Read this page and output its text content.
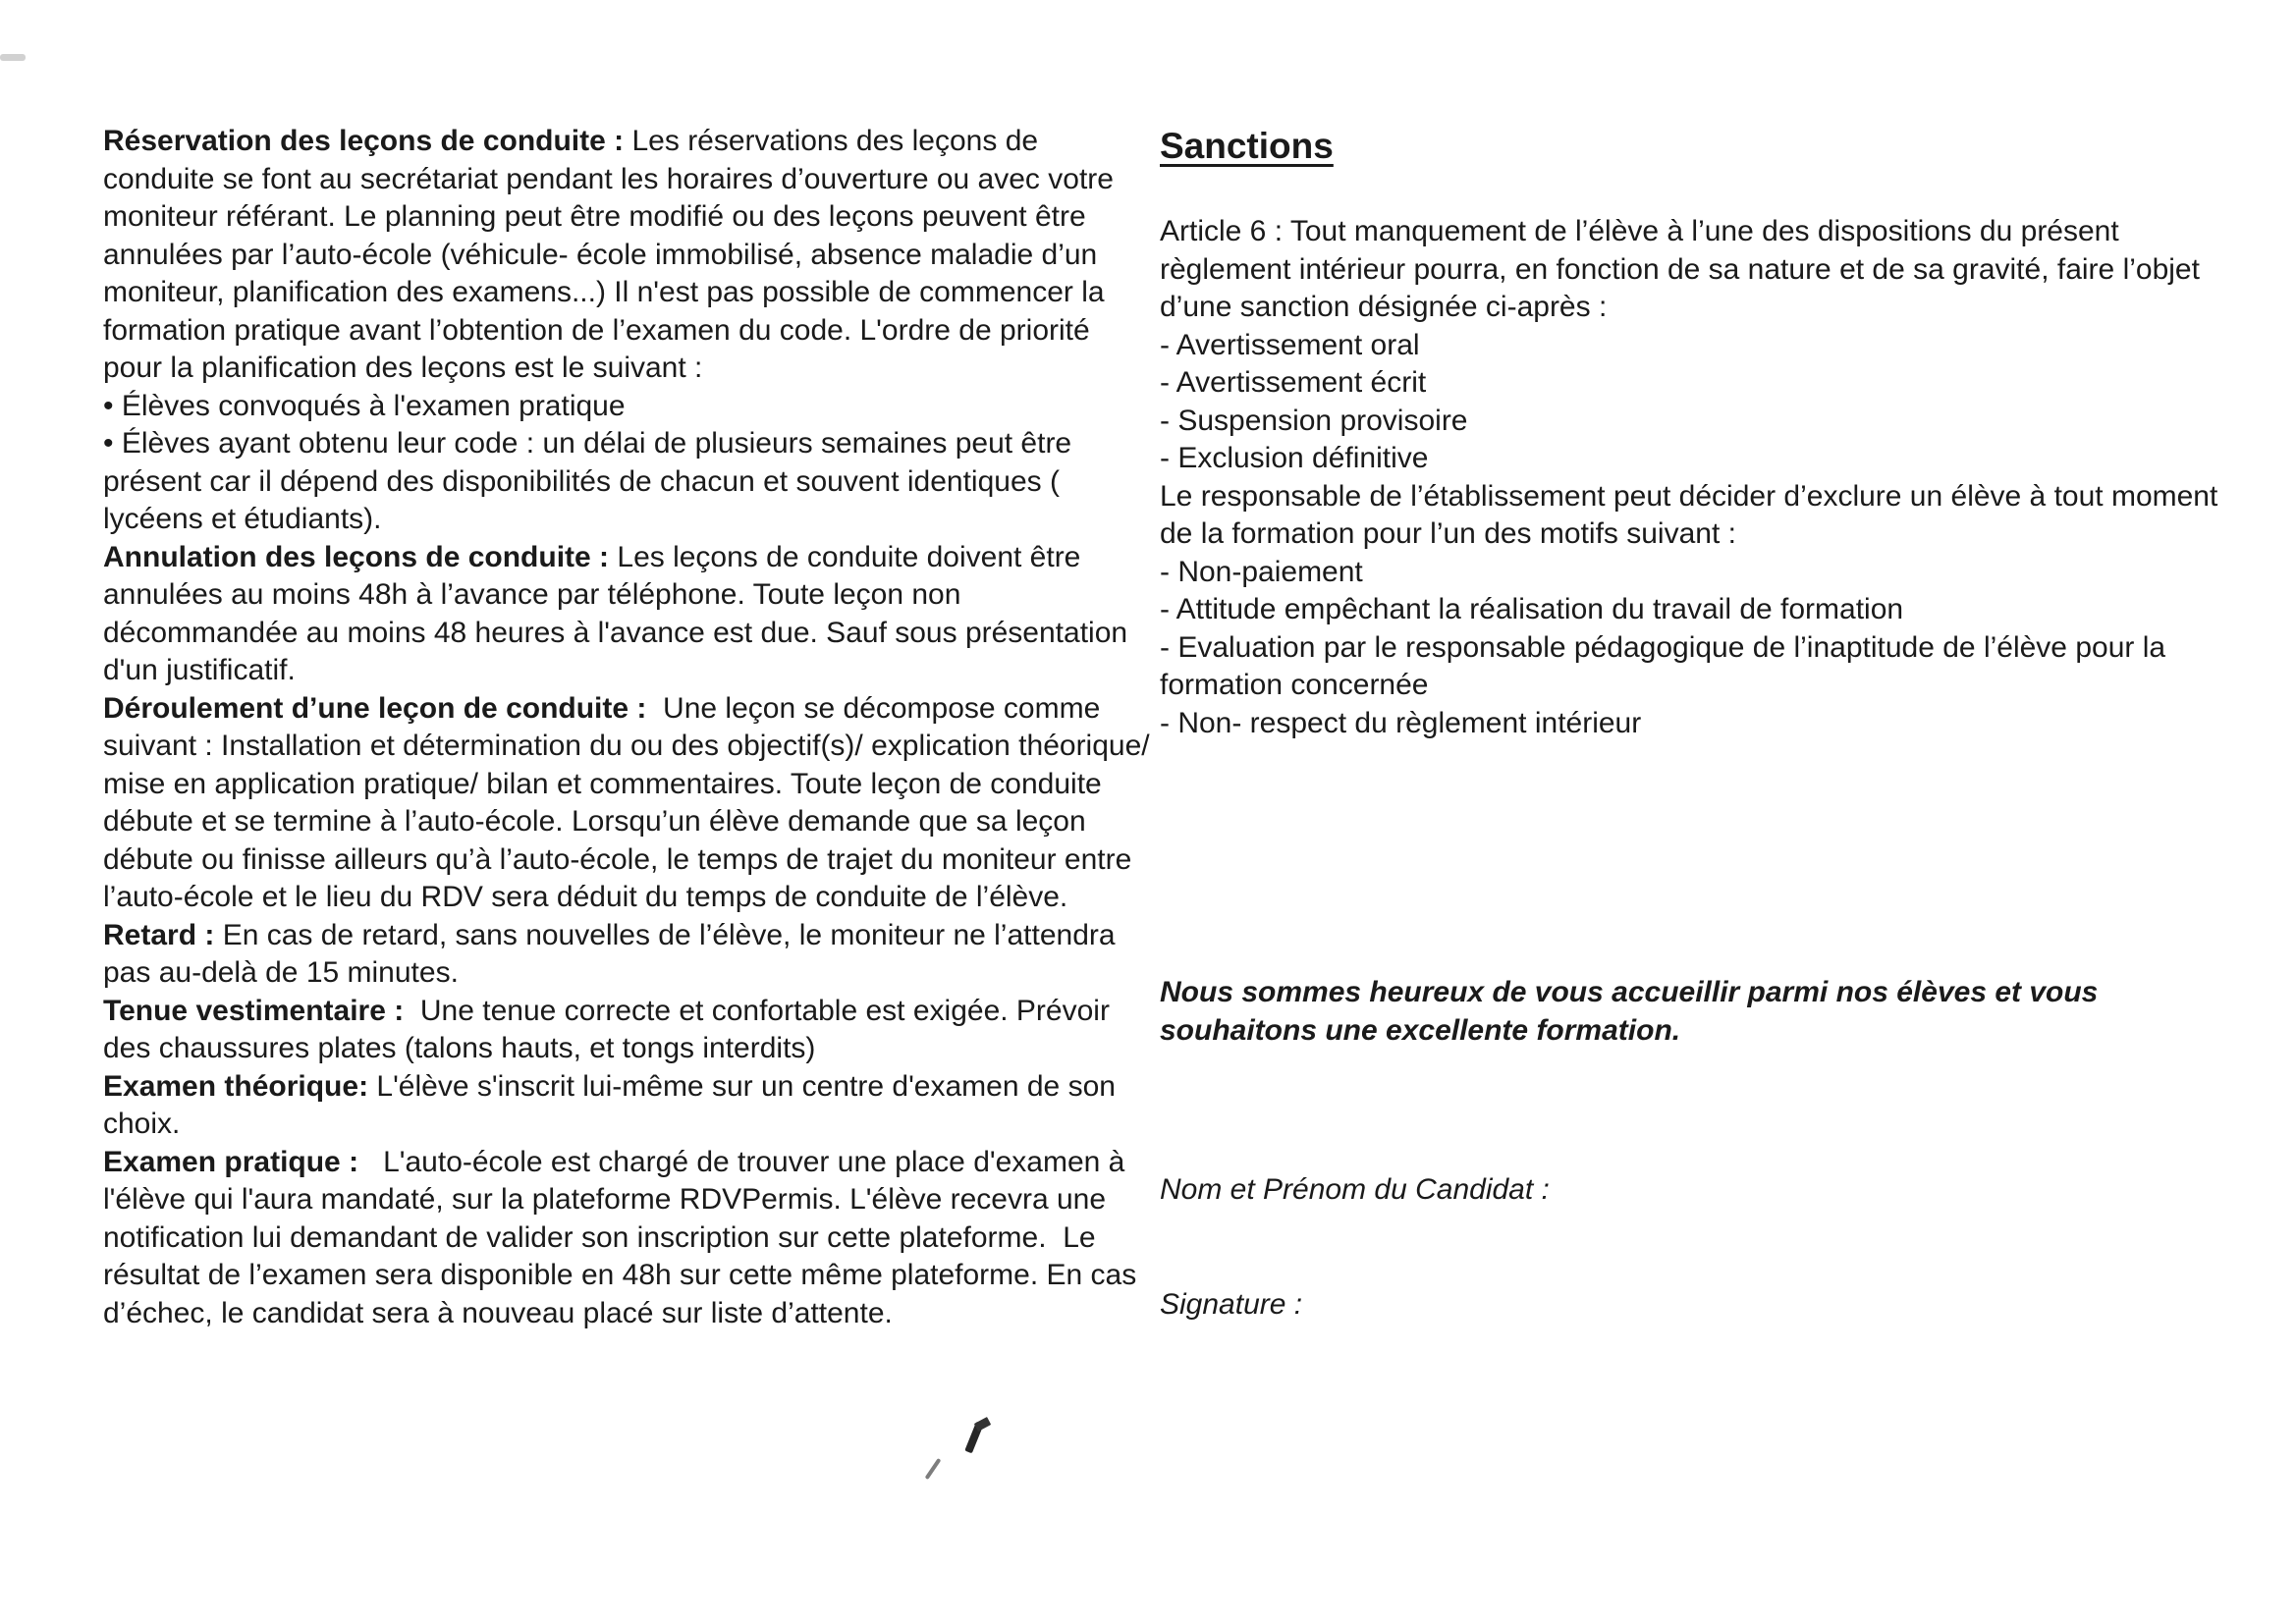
Réservation des leçons de conduite : Les réservations des leçons de conduite se font au secrétariat pendant les horaires d’ouverture ou avec votre moniteur référant. Le planning peut être modifié ou des leçons peuvent être annulées par l’auto-école (véhicule- école immobilisé, absence maladie d’un moniteur, planification des examens...) Il n'est pas possible de commencer la formation pratique avant l’obtention de l’examen du code. L'ordre de priorité pour la planification des leçons est le suivant :

• Élèves convoqués à l'examen pratique

• Élèves ayant obtenu leur code : un délai de plusieurs semaines peut être présent car il dépend des disponibilités de chacun et souvent identiques ( lycéens et étudiants).

Annulation des leçons de conduite : Les leçons de conduite doivent être annulées au moins 48h à l’avance par téléphone. Toute leçon non décommandée au moins 48 heures à l'avance est due. Sauf sous présentation d'un justificatif.

Déroulement d’une leçon de conduite :  Une leçon se décompose comme suivant : Installation et détermination du ou des objectif(s)/ explication théorique/ mise en application pratique/ bilan et commentaires. Toute leçon de conduite débute et se termine à l’auto-école. Lorsqu’un élève demande que sa leçon débute ou finisse ailleurs qu’à l’auto-école, le temps de trajet du moniteur entre l’auto-école et le lieu du RDV sera déduit du temps de conduite de l’élève.

Retard : En cas de retard, sans nouvelles de l’élève, le moniteur ne l’attendra pas au-delà de 15 minutes.

Tenue vestimentaire :  Une tenue correcte et confortable est exigée. Prévoir des chaussures plates (talons hauts, et tongs interdits)

Examen théorique: L'élève s'inscrit lui-même sur un centre d'examen de son choix.

Examen pratique :   L'auto-école est chargé de trouver une place d'examen à l'élève qui l'aura mandaté, sur la plateforme RDVPermis. L'élève recevra une notification lui demandant de valider son inscription sur cette plateforme.  Le résultat de l’examen sera disponible en 48h sur cette même plateforme. En cas d’échec, le candidat sera à nouveau placé sur liste d’attente.

Sanctions

Article 6 : Tout manquement de l’élève à l’une des dispositions du présent règlement intérieur pourra, en fonction de sa nature et de sa gravité, faire l’objet d’une sanction désignée ci-après :

- Avertissement oral

- Avertissement écrit

- Suspension provisoire

- Exclusion définitive

Le responsable de l’établissement peut décider d’exclure un élève à tout moment de la formation pour l’un des motifs suivant :

- Non-paiement

- Attitude empêchant la réalisation du travail de formation

- Evaluation par le responsable pédagogique de l’inaptitude de l’élève pour la formation concernée

- Non- respect du règlement intérieur

Nous sommes heureux de vous accueillir parmi nos élèves et vous souhaitons une excellente formation.

Nom et Prénom du Candidat :

Signature :
